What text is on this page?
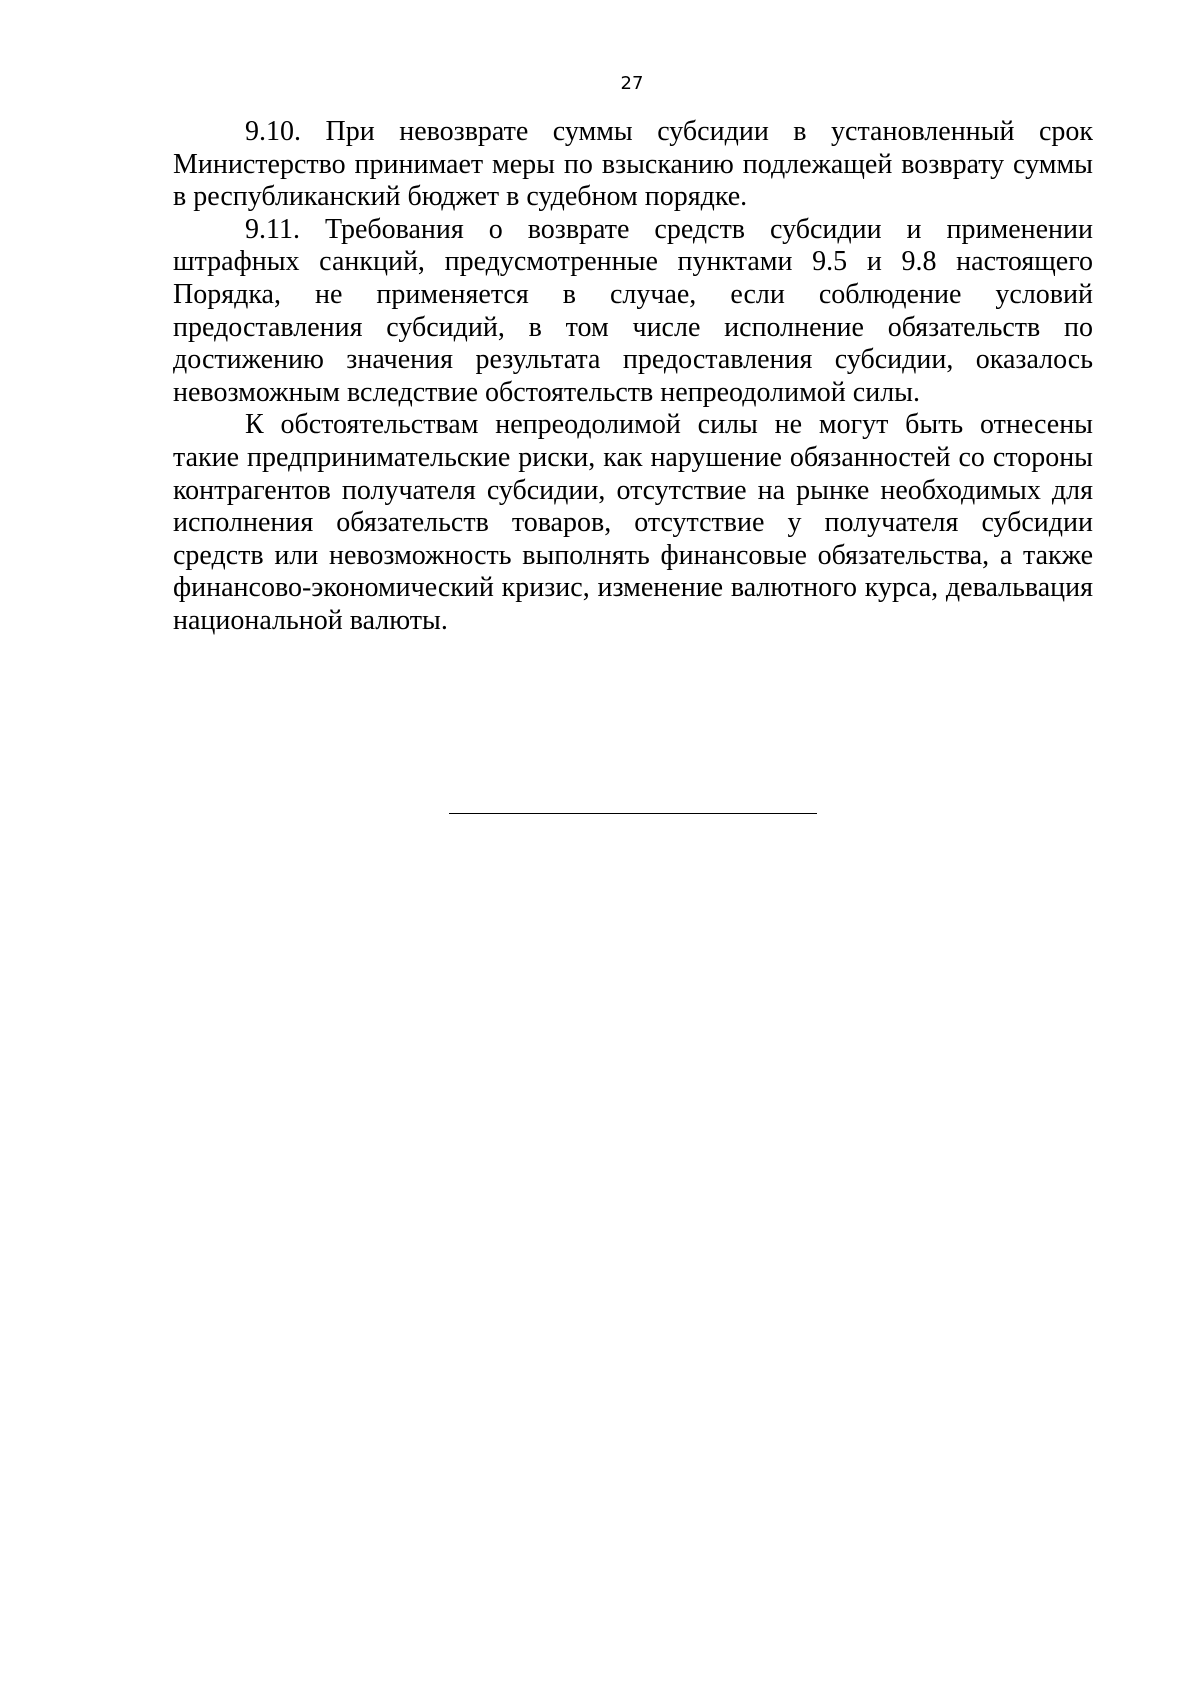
27

9.10. При невозврате суммы субсидии в установленный срок Министерство принимает меры по взысканию подлежащей возврату суммы в республиканский бюджет в судебном порядке.

9.11. Требования о возврате средств субсидии и применении штрафных санкций, предусмотренные пунктами 9.5 и 9.8 настоящего Порядка, не применяется в случае, если соблюдение условий предоставления субсидий, в том числе исполнение обязательств по достижению значения результата предоставления субсидии, оказалось невозможным вследствие обстоятельств непреодолимой силы.

К обстоятельствам непреодолимой силы не могут быть отнесены такие предпринимательские риски, как нарушение обязанностей со стороны контрагентов получателя субсидии, отсутствие на рынке необходимых для исполнения обязательств товаров, отсутствие у получателя субсидии средств или невозможность выполнять финансовые обязательства, а также финансово-экономический кризис, изменение валютного курса, девальвация национальной валюты.
